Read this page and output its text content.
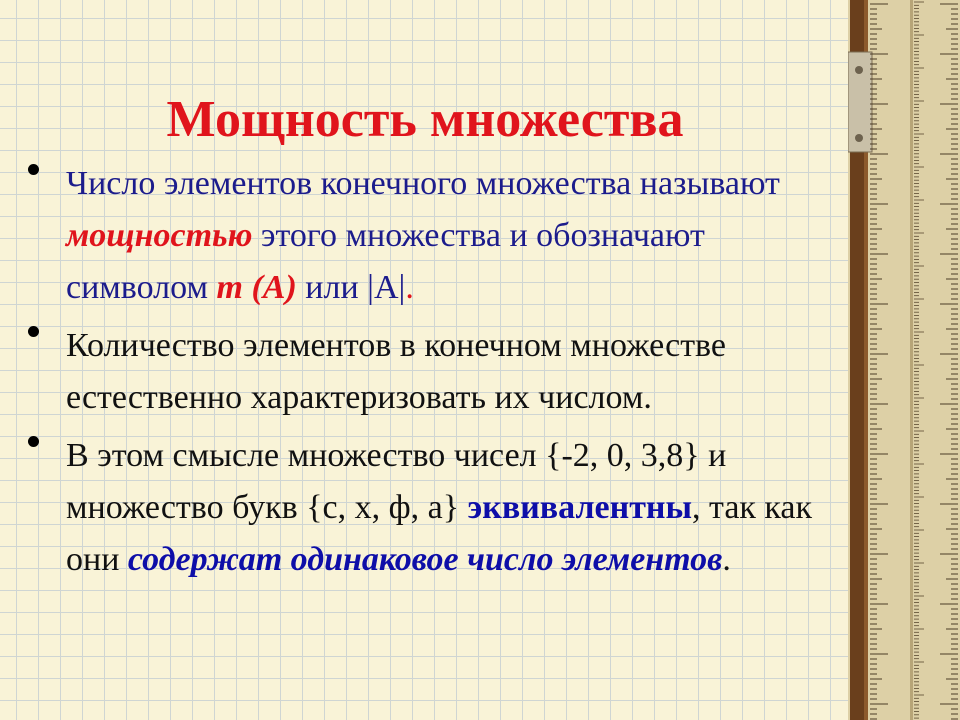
Мощность множества
Число элементов конечного множества называют мощностью этого множества и обозначают символом m (A) или |А|.
Количество элементов в конечном множестве естественно характеризовать их числом.
В этом смысле множество чисел {-2, 0, 3,8} и множество букв {с, х, ф, а} эквивалентны, так как они содержат одинаковое число элементов.
